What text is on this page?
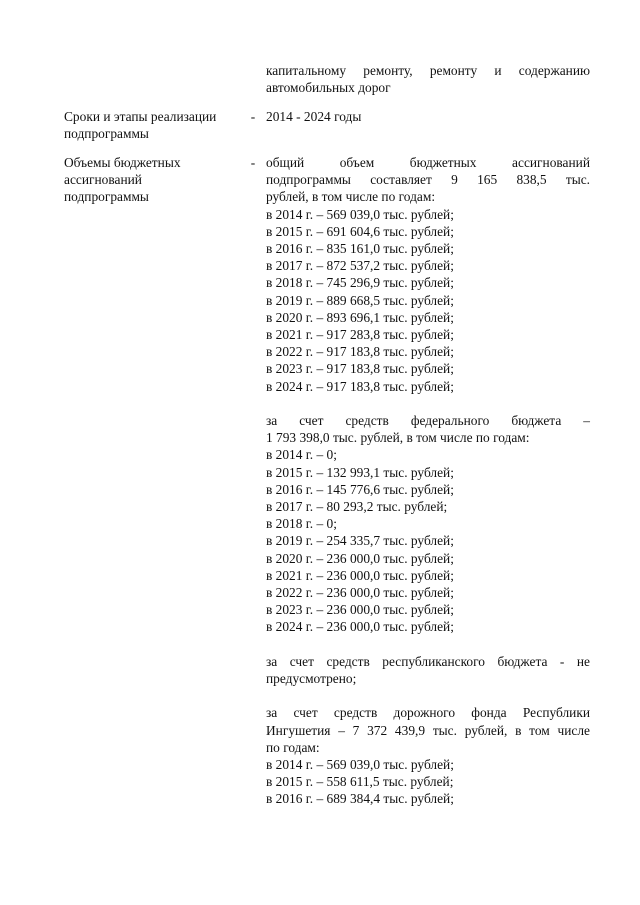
капитальному ремонту, ремонту и содержанию
автомобильных дорог
Сроки и этапы реализации
подпрограммы
- 2014 - 2024 годы
Объемы бюджетных
ассигнований
подпрограммы
- общий объем бюджетных ассигнований
подпрограммы составляет 9 165 838,5 тыс.
рублей, в том числе по годам:
в 2014 г. – 569 039,0 тыс. рублей;
в 2015 г. – 691 604,6 тыс. рублей;
в 2016 г. – 835 161,0 тыс. рублей;
в 2017 г. – 872 537,2 тыс. рублей;
в 2018 г. – 745 296,9 тыс. рублей;
в 2019 г. – 889 668,5 тыс. рублей;
в 2020 г. – 893 696,1 тыс. рублей;
в 2021 г. – 917 283,8 тыс. рублей;
в 2022 г. – 917 183,8 тыс. рублей;
в 2023 г. – 917 183,8 тыс. рублей;
в 2024 г. – 917 183,8 тыс. рублей;
за счет средств федерального бюджета –
1 793 398,0 тыс. рублей, в том числе по годам:
в 2014 г. – 0;
в 2015 г. – 132 993,1 тыс. рублей;
в 2016 г. – 145 776,6 тыс. рублей;
в 2017 г. – 80 293,2 тыс. рублей;
в 2018 г. – 0;
в 2019 г. – 254 335,7 тыс. рублей;
в 2020 г. – 236 000,0 тыс. рублей;
в 2021 г. – 236 000,0 тыс. рублей;
в 2022 г. – 236 000,0 тыс. рублей;
в 2023 г. – 236 000,0 тыс. рублей;
в 2024 г. – 236 000,0 тыс. рублей;
за счет средств республиканского бюджета - не
предусмотрено;
за счет средств дорожного фонда Республики
Ингушетия – 7 372 439,9 тыс. рублей, в том числе
по годам:
в 2014 г. – 569 039,0 тыс. рублей;
в 2015 г. – 558 611,5 тыс. рублей;
в 2016 г. – 689 384,4 тыс. рублей;
